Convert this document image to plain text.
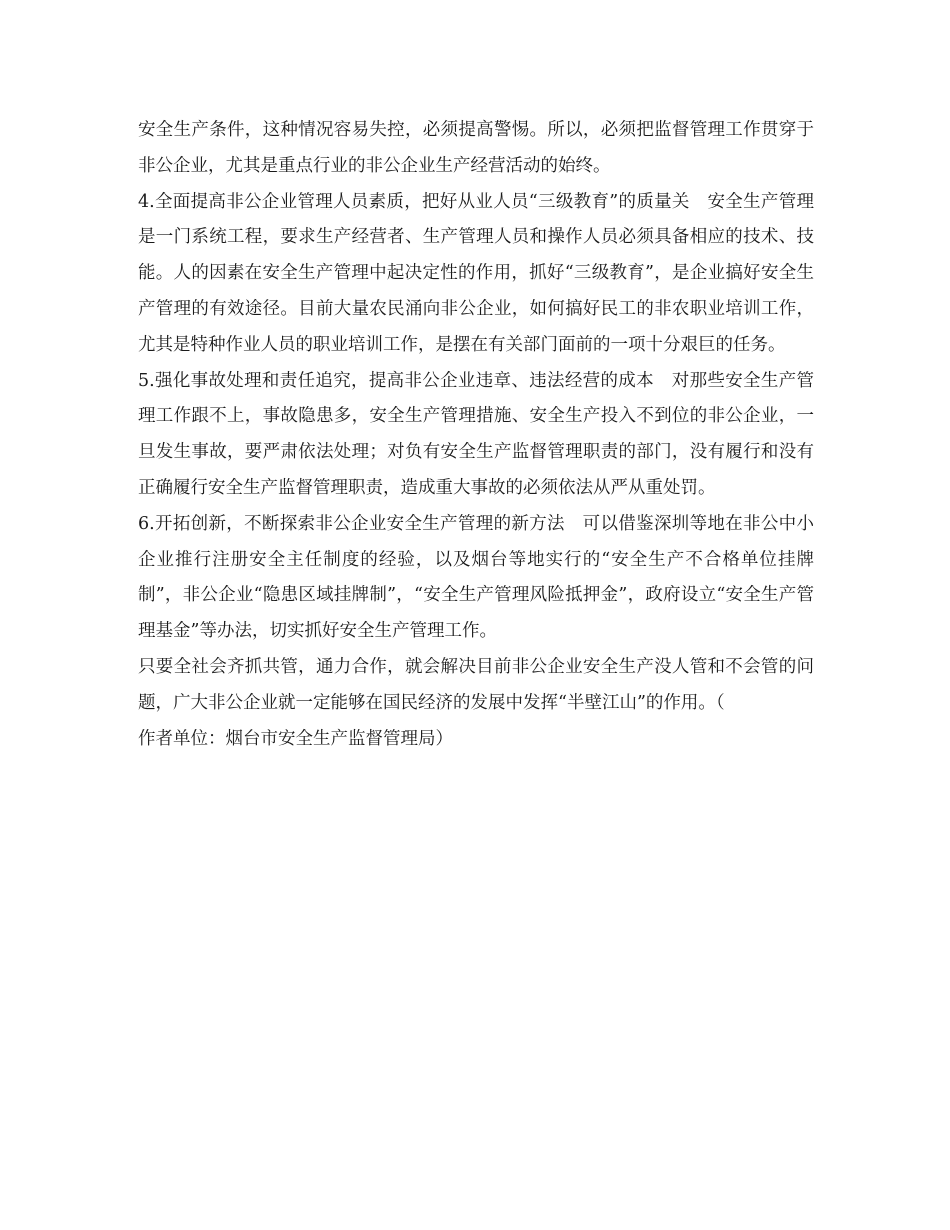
安全生产条件，这种情况容易失控，必须提高警惕。所以，必须把监督管理工作贯穿于非公企业，尤其是重点行业的非公企业生产经营活动的始终。

4.全面提高非公企业管理人员素质，把好从业人员“三级教育”的质量关　安全生产管理是一门系统工程，要求生产经营者、生产管理人员和操作人员必须具备相应的技术、技能。人的因素在安全生产管理中起决定性的作用，抓好“三级教育”，是企业搞好安全生产管理的有效途径。目前大量农民涌向非公企业，如何搞好民工的非农职业培训工作，尤其是特种作业人员的职业培训工作，是摆在有关部门面前的一项十分艰巨的任务。

5.强化事故处理和责任追究，提高非公企业违章、违法经营的成本　对那些安全生产管理工作跟不上，事故隐患多，安全生产管理措施、安全生产投入不到位的非公企业，一旦发生事故，要严肃依法处理；对负有安全生产监督管理职责的部门，没有履行和没有正确履行安全生产监督管理职责，造成重大事故的必须依法从严从重处罚。

6.开拓创新，不断探索非公企业安全生产管理的新方法　可以借鉴深圳等地在非公中小企业推行注册安全主任制度的经验，以及烟台等地实行的“安全生产不合格单位挂牌制”，非公企业“隐患区域挂牌制”，“安全生产管理风险抵押金”，政府设立“安全生产管理基金”等办法，切实抓好安全生产管理工作。

只要全社会齐抓共管，通力合作，就会解决目前非公企业安全生产没人管和不会管的问题，广大非公企业就一定能够在国民经济的发展中发挥“半壁江山”的作用。（

作者单位：烟台市安全生产监督管理局）
